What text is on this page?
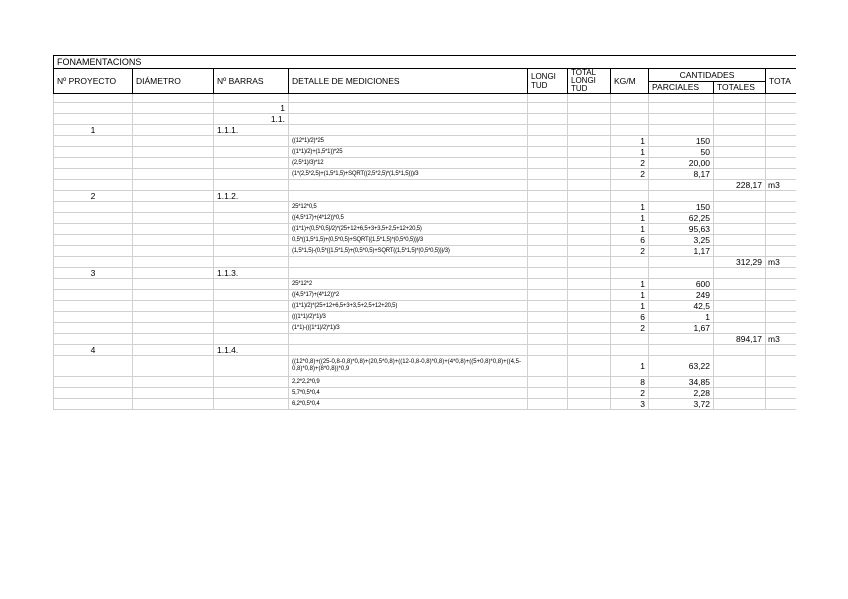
FONAMENTACIONS									
Nº PROYECTO	DIÁMETRO	Nº BARRAS	DETALLE DE MEDICIONES	LONGI TUD	TOTAL LONGI TUD	KG/M	CANTIDADES		TOTA
							PARCIALES	TOTALES	

		1							
		1.1.							
1		1.1.1.							
			((12*1)/2)*25			1	150		
			((1*1)/2)+(1,5*1))*25			1	50		
			(2,5*1)/3)*12			2	20,00		
			(1*(2,5*2,5)+(1,5*1,5)+SQRT((2,5*2,5)*(1,5*1,5)))/3			2	8,17		
								228,17	m3
2		1.1.2.							
			25*12*0,5			1	150		
			((4,5*17)+(4*12))*0,5			1	62,25		
			((1*1)+(0,5*0,5)/2)*(25+12+6,5+3+3,5+2,5+12+20,5)			1	95,63		
			0,5*((1,5*1,5)+(0,5*0,5)+SQRT((1,5*1,5)*(0,5*0,5)))/3			6	3,25		
			(1,5*1,5)-(0,5*((1,5*1,5)+(0,5*0,5)+SQRT((1,5*1,5)*(0,5*0,5)))/3)			2	1,17		
								312,29	m3
3		1.1.3.							
			25*12*2			1	600		
			((4,5*17)+(4*12))*2			1	249		
			((1*1)/2)*(25+12+6,5+3+3,5+2,5+12+20,5)			1	42,5		
			(((1*1)/2)*1)/3			6	1		
			(1*1)-(((1*1)/2)*1)/3			2	1,67		
								894,17	m3
4		1.1.4.							
			((12*0,8)+((25-0,8-0,8)*0,8)+(20,5*0,8)+((12-0,8-0,8)*0,8)+(4*0,8)+((5+0,8)*0,8)+((4,5-0,8)*0,8)+(8*0,8))*0,9			1	63,22		
			2,2*2,2*0,9			8	34,85		
			5,7*0,5*0,4			2	2,28		
			6,2*0,5*0,4			3	3,72		
